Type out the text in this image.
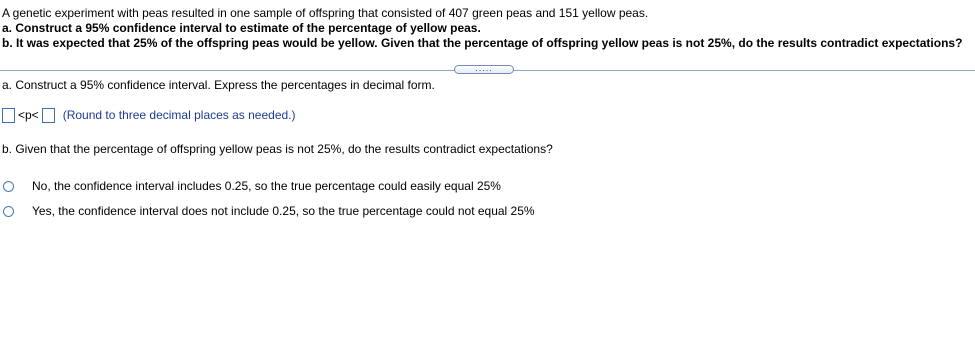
A genetic experiment with peas resulted in one sample of offspring that consisted of 407 green peas and 151 yellow peas.
a. Construct a 95% confidence interval to estimate of the percentage of yellow peas.
b. It was expected that 25% of the offspring peas would be yellow. Given that the percentage of offspring yellow peas is not 25%, do the results contradict expectations?
.....
a. Construct a 95% confidence interval. Express the percentages in decimal form.
<p< (Round to three decimal places as needed.)
b. Given that the percentage of offspring yellow peas is not 25%, do the results contradict expectations?
No, the confidence interval includes 0.25, so the true percentage could easily equal 25%
Yes, the confidence interval does not include 0.25, so the true percentage could not equal 25%
